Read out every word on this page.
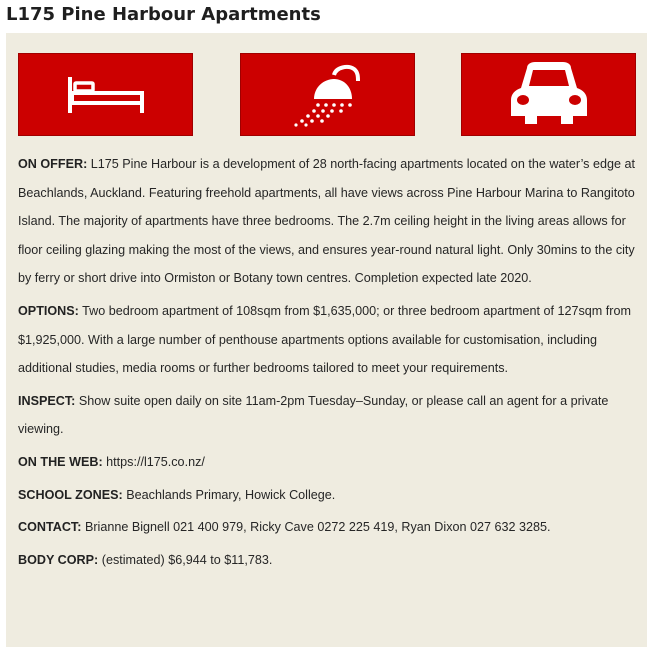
L175 Pine Harbour Apartments

ON OFFER: L175 Pine Harbour is a development of 28 north-facing apartments located on the water’s edge at Beachlands, Auckland. Featuring freehold apartments, all have views across Pine Harbour Marina to Rangitoto Island. The majority of apartments have three bedrooms. The 2.7m ceiling height in the living areas allows for floor ceiling glazing making the most of the views, and ensures year-round natural light. Only 30mins to the city by ferry or short drive into Ormiston or Botany town centres. Completion expected late 2020.

OPTIONS: Two bedroom apartment of 108sqm from $1,635,000; or three bedroom apartment of 127sqm from $1,925,000. With a large number of penthouse apartments options available for customisation, including additional studies, media rooms or further bedrooms tailored to meet your requirements.

INSPECT: Show suite open daily on site 11am-2pm Tuesday–Sunday, or please call an agent for a private viewing.

ON THE WEB: https://l175.co.nz/

SCHOOL ZONES: Beachlands Primary, Howick College.

CONTACT: Brianne Bignell 021 400 979, Ricky Cave 0272 225 419, Ryan Dixon 027 632 3285.

BODY CORP: (estimated) $6,944 to $11,783.
